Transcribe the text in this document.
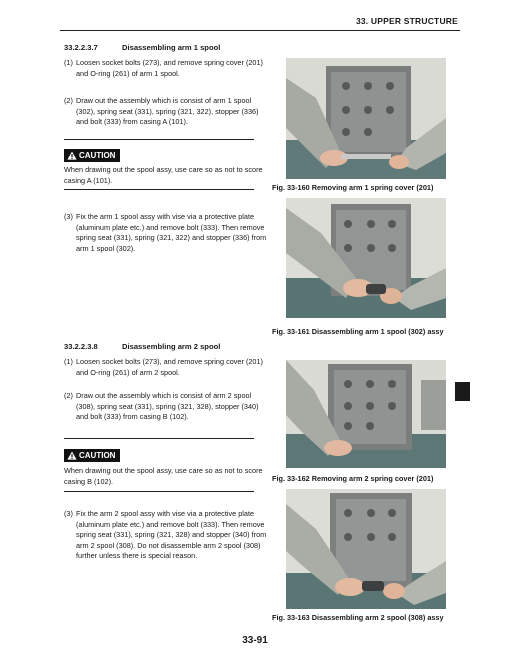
33. UPPER STRUCTURE
33.2.2.3.7	Disassembling arm 1 spool
(1) Loosen socket bolts (273), and remove spring cover (201) and O-ring (261) of arm 1 spool.
(2) Draw out the assembly which is consist of arm 1 spool (302), spring seat (331), spring (321, 322), stopper (336) and bolt (333) from casing A (101).
CAUTION
When drawing out the spool assy, use care so as not to score casing A (101).
(3) Fix the arm 1 spool assy with vise via a protective plate (aluminum plate etc.) and remove bolt (333). Then remove spring seat (331), spring (321, 322) and stopper (336) from arm 1 spool (302).
33.2.2.3.8	Disassembling arm 2 spool
(1) Loosen socket bolts (273), and remove spring cover (201) and O-ring (261) of arm 2 spool.
(2) Draw out the assembly which is consist of arm 2 spool (308), spring seat (331), spring (321, 328), stopper (340) and bolt (333) from casing B (102).
CAUTION
When drawing out the spool assy, use care so as not to score casing B (102).
(3) Fix the arm 2 spool assy with vise via a protective plate (aluminum plate etc.) and remove bolt (333). Then remove spring seat (331), spring (321, 328) and stopper (340) from arm 2 spool (308). Do not disassemble arm 2 spool (308) further unless there is special reason.
Fig. 33-160 Removing arm 1 spring cover (201)
Fig. 33-161 Disassembling arm 1 spool (302) assy
Fig. 33-162 Removing arm 2 spring cover (201)
Fig. 33-163 Disassembling arm 2 spool (308) assy
33-91
